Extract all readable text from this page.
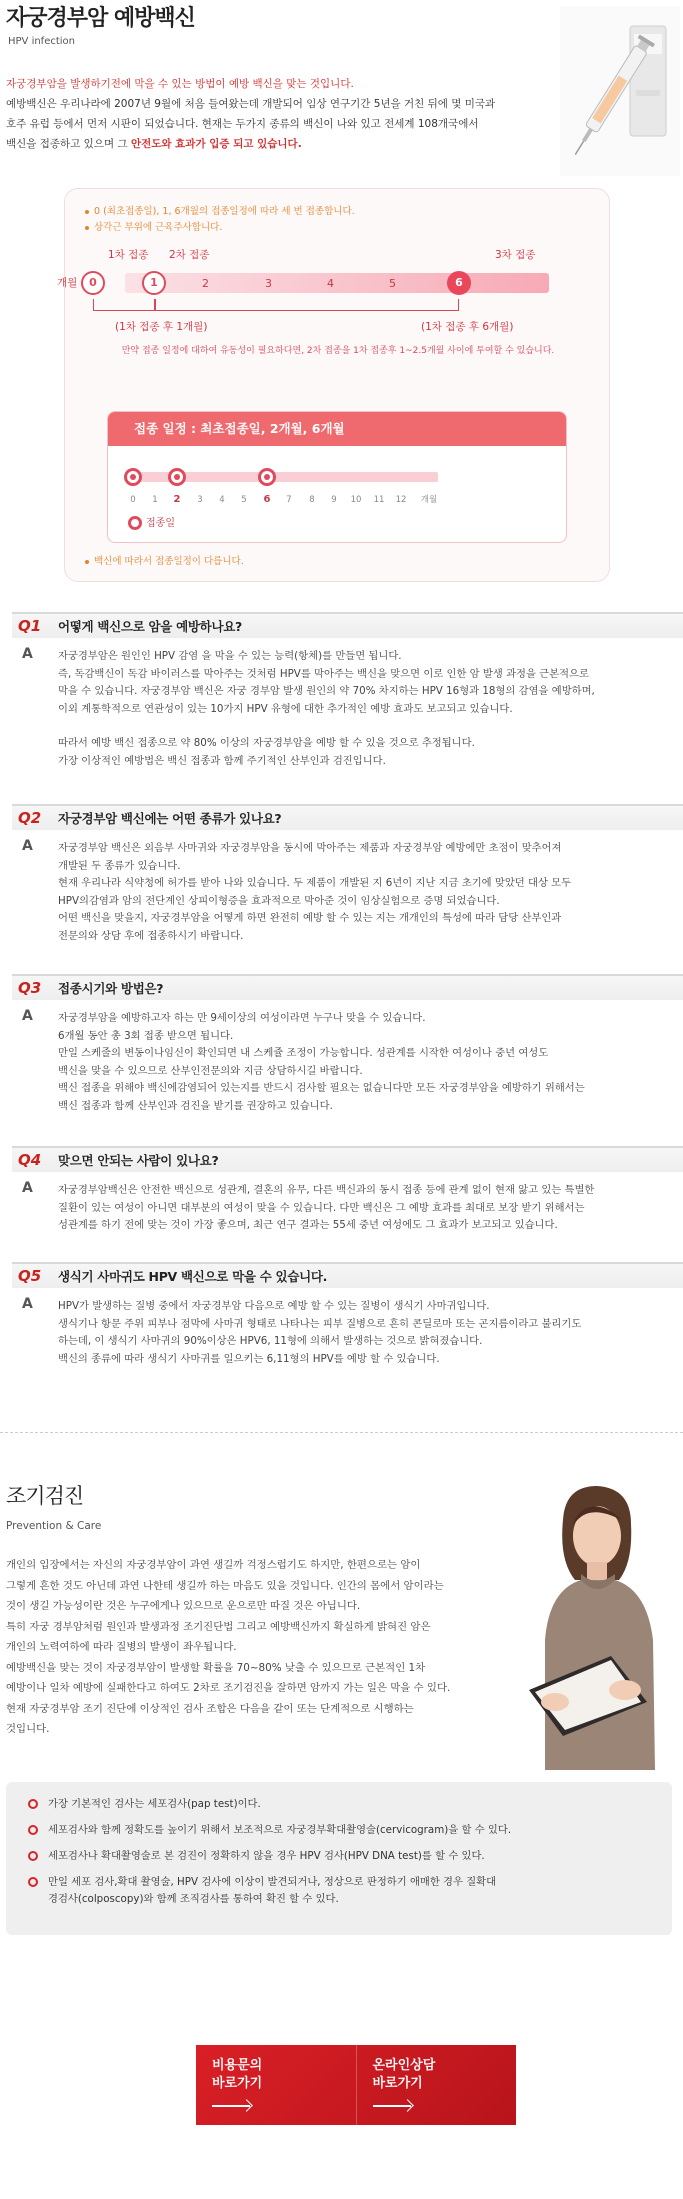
자궁경부암 예방백신
HPV infection
자궁경부암을 발생하기전에 막을 수 있는 방법이 예방 백신을 맞는 것입니다.
예방백신은 우리나라에 2007년 9월에 처음 들여왔는데 개발되어 임상 연구기간 5년을 거친 뒤에 몇 미국과
호주 유럽 등에서 먼저 시판이 되었습니다. 현재는 두가지 종류의 백신이 나와 있고 전세계 108개국에서
백신을 접종하고 있으며 그 안전도와 효과가 입증 되고 있습니다.
0 (최초접종일), 1, 6개월의 접종일정에 따라 세 번 접종합니다.
상각근 부위에 근육주사합니다.
1차 접종 2차 접종	3차 접종
개월	0	1	2	3	4	5	6
(1차 접종 후 1개월)	(1차 접종 후 6개월)
만약 접종 일정에 대하여 유동성이 필요하다면, 2차 접종을 1차 접종후 1~2.5개월 사이에 투여할 수 있습니다.
접종 일정 : 최초접종일, 2개월, 6개월
0	1	2	3	4	5	6	7	8	9	10	11	12	개월
접종일
백신에 따라서 접종일정이 다릅니다.
Q1 어떻게 백신으로 암을 예방하나요?
A 자궁경부암은 원인인 HPV 감염 을 막을 수 있는 능력(항체)를 만들면 됩니다.

즉, 독감백신이 독감 바이러스를 막아주는 것처럼 HPV를 막아주는 백신을 맞으면 이로 인한 암 발생 과정을 근본적으로

막을 수 있습니다. 자궁경부암 백신은 자궁 경부암 발생 원인의 약 70% 차지하는 HPV 16형과 18형의 감염을 예방하며,

이외 계통학적으로 연관성이 있는 10가지 HPV 유형에 대한 추가적인 예방 효과도 보고되고 있습니다.

따라서 예방 백신 접종으로 약 80% 이상의 자궁경부암을 예방 할 수 있을 것으로 추정됩니다.

가장 이상적인 예방법은 백신 접종과 함께 주기적인 산부인과 검진입니다.

Q2 자궁경부암 백신에는 어떤 종류가 있나요?
A 자궁경부암 백신은 외음부 사마귀와 자궁경부암을 동시에 막아주는 제품과 자궁경부암 예방에만 초점이 맞추어져

개발된 두 종류가 있습니다.

현재 우리나라 식약청에 허가를 받아 나와 있습니다. 두 제품이 개발된 지 6년이 지난 지금 초기에 맞았던 대상 모두

HPV의감염과 암의 전단계인 상피이형증을 효과적으로 막아준 것이 임상실험으로 증명 되었습니다.

어떤 백신을 맞을지, 자궁경부암을 어떻게 하면 완전히 예방 할 수 있는 지는 개개인의 특성에 따라 담당 산부인과

전문의와 상담 후에 접종하시기 바랍니다.

Q3 접종시기와 방법은?
A 자궁경부암을 예방하고자 하는 만 9세이상의 여성이라면 누구나 맞을 수 있습니다.

6개월 동안 총 3회 접종 받으면 됩니다.

만일 스케줄의 변동이나임신이 확인되면 내 스케쥴 조정이 가능합니다. 성관계를 시작한 여성이나 중년 여성도

백신을 맞을 수 있으므로 산부인전문의와 지금 상담하시길 바랍니다.

백신 접종을 위해야 백신에감염되어 있는지를 반드시 검사할 필요는 없습니다만 모든 자궁경부암을 예방하기 위해서는

백신 접종과 함께 산부인과 검진을 받기를 권장하고 있습니다.

Q4 맞으면 안되는 사람이 있나요?
A 자궁경부암백신은 안전한 백신으로 성관계, 결혼의 유무, 다른 백신과의 동시 접종 등에 관계 없이 현재 앓고 있는 특별한

질환이 있는 여성이 아니면 대부분의 여성이 맞을 수 있습니다. 다만 백신은 그 예방 효과를 최대로 보장 받기 위해서는

성관계를 하기 전에 맞는 것이 가장 좋으며, 최근 연구 결과는 55세 중년 여성에도 그 효과가 보고되고 있습니다.

Q5 생식기 사마귀도 HPV 백신으로 막을 수 있습니다.
A HPV가 발생하는 질병 중에서 자궁경부암 다음으로 예방 할 수 있는 질병이 생식기 사마귀입니다.

생식기나 항문 주위 피부나 점막에 사마귀 형태로 나타나는 피부 질병으로 흔히 콘딜로마 또는 곤지름이라고 불리기도

하는데, 이 생식기 사마귀의 90%이상은 HPV6, 11형에 의해서 발생하는 것으로 밝혀졌습니다.

백신의 종류에 따라 생식기 사마귀를 일으키는 6,11형의 HPV를 예방 할 수 있습니다.

조기검진
Prevention & Care
개인의 입장에서는 자신의 자궁경부암이 과연 생길까 걱정스럽기도 하지만, 한편으로는 암이
그렇게 흔한 것도 아닌데 과연 나한테 생길까 하는 마음도 있을 것입니다. 인간의 몸에서 암이라는
것이 생길 가능성이란 것은 누구에게나 있으므로 운으로만 따질 것은 아닙니다.
특히 자궁 경부암처럼 원인과 발생과정 조기진단법 그리고 예방백신까지 확실하게 밝혀진 암은
개인의 노력여하에 따라 질병의 발생이 좌우됩니다.
예방백신을 맞는 것이 자궁경부암이 발생할 확률을 70~80% 낮출 수 있으므로 근본적인 1차
예방이나 일차 예방에 실패한다고 하여도 2차로 조기검진을 잘하면 암까지 가는 일은 막을 수 있다.
현재 자궁경부암 조기 진단에 이상적인 검사 조합은 다음을 같이 또는 단계적으로 시행하는
것입니다.
가장 기본적인 검사는 세포검사(pap test)이다.
세포검사와 함께 정확도를 높이기 위해서 보조적으로 자궁경부확대촬영술(cervicogram)을 할 수 있다.
세포검사나 확대촬영술로 본 검진이 정확하지 않을 경우 HPV 검사(HPV DNA test)를 할 수 있다.
만일 세포 검사,확대 촬영술, HPV 검사에 이상이 발견되거나, 정상으로 판정하기 애매한 경우 질확대경검사(colposcopy)와 함께 조직검사를 통하여 확진 할 수 있다.
비용문의
바로가기
온라인상담
바로가기
